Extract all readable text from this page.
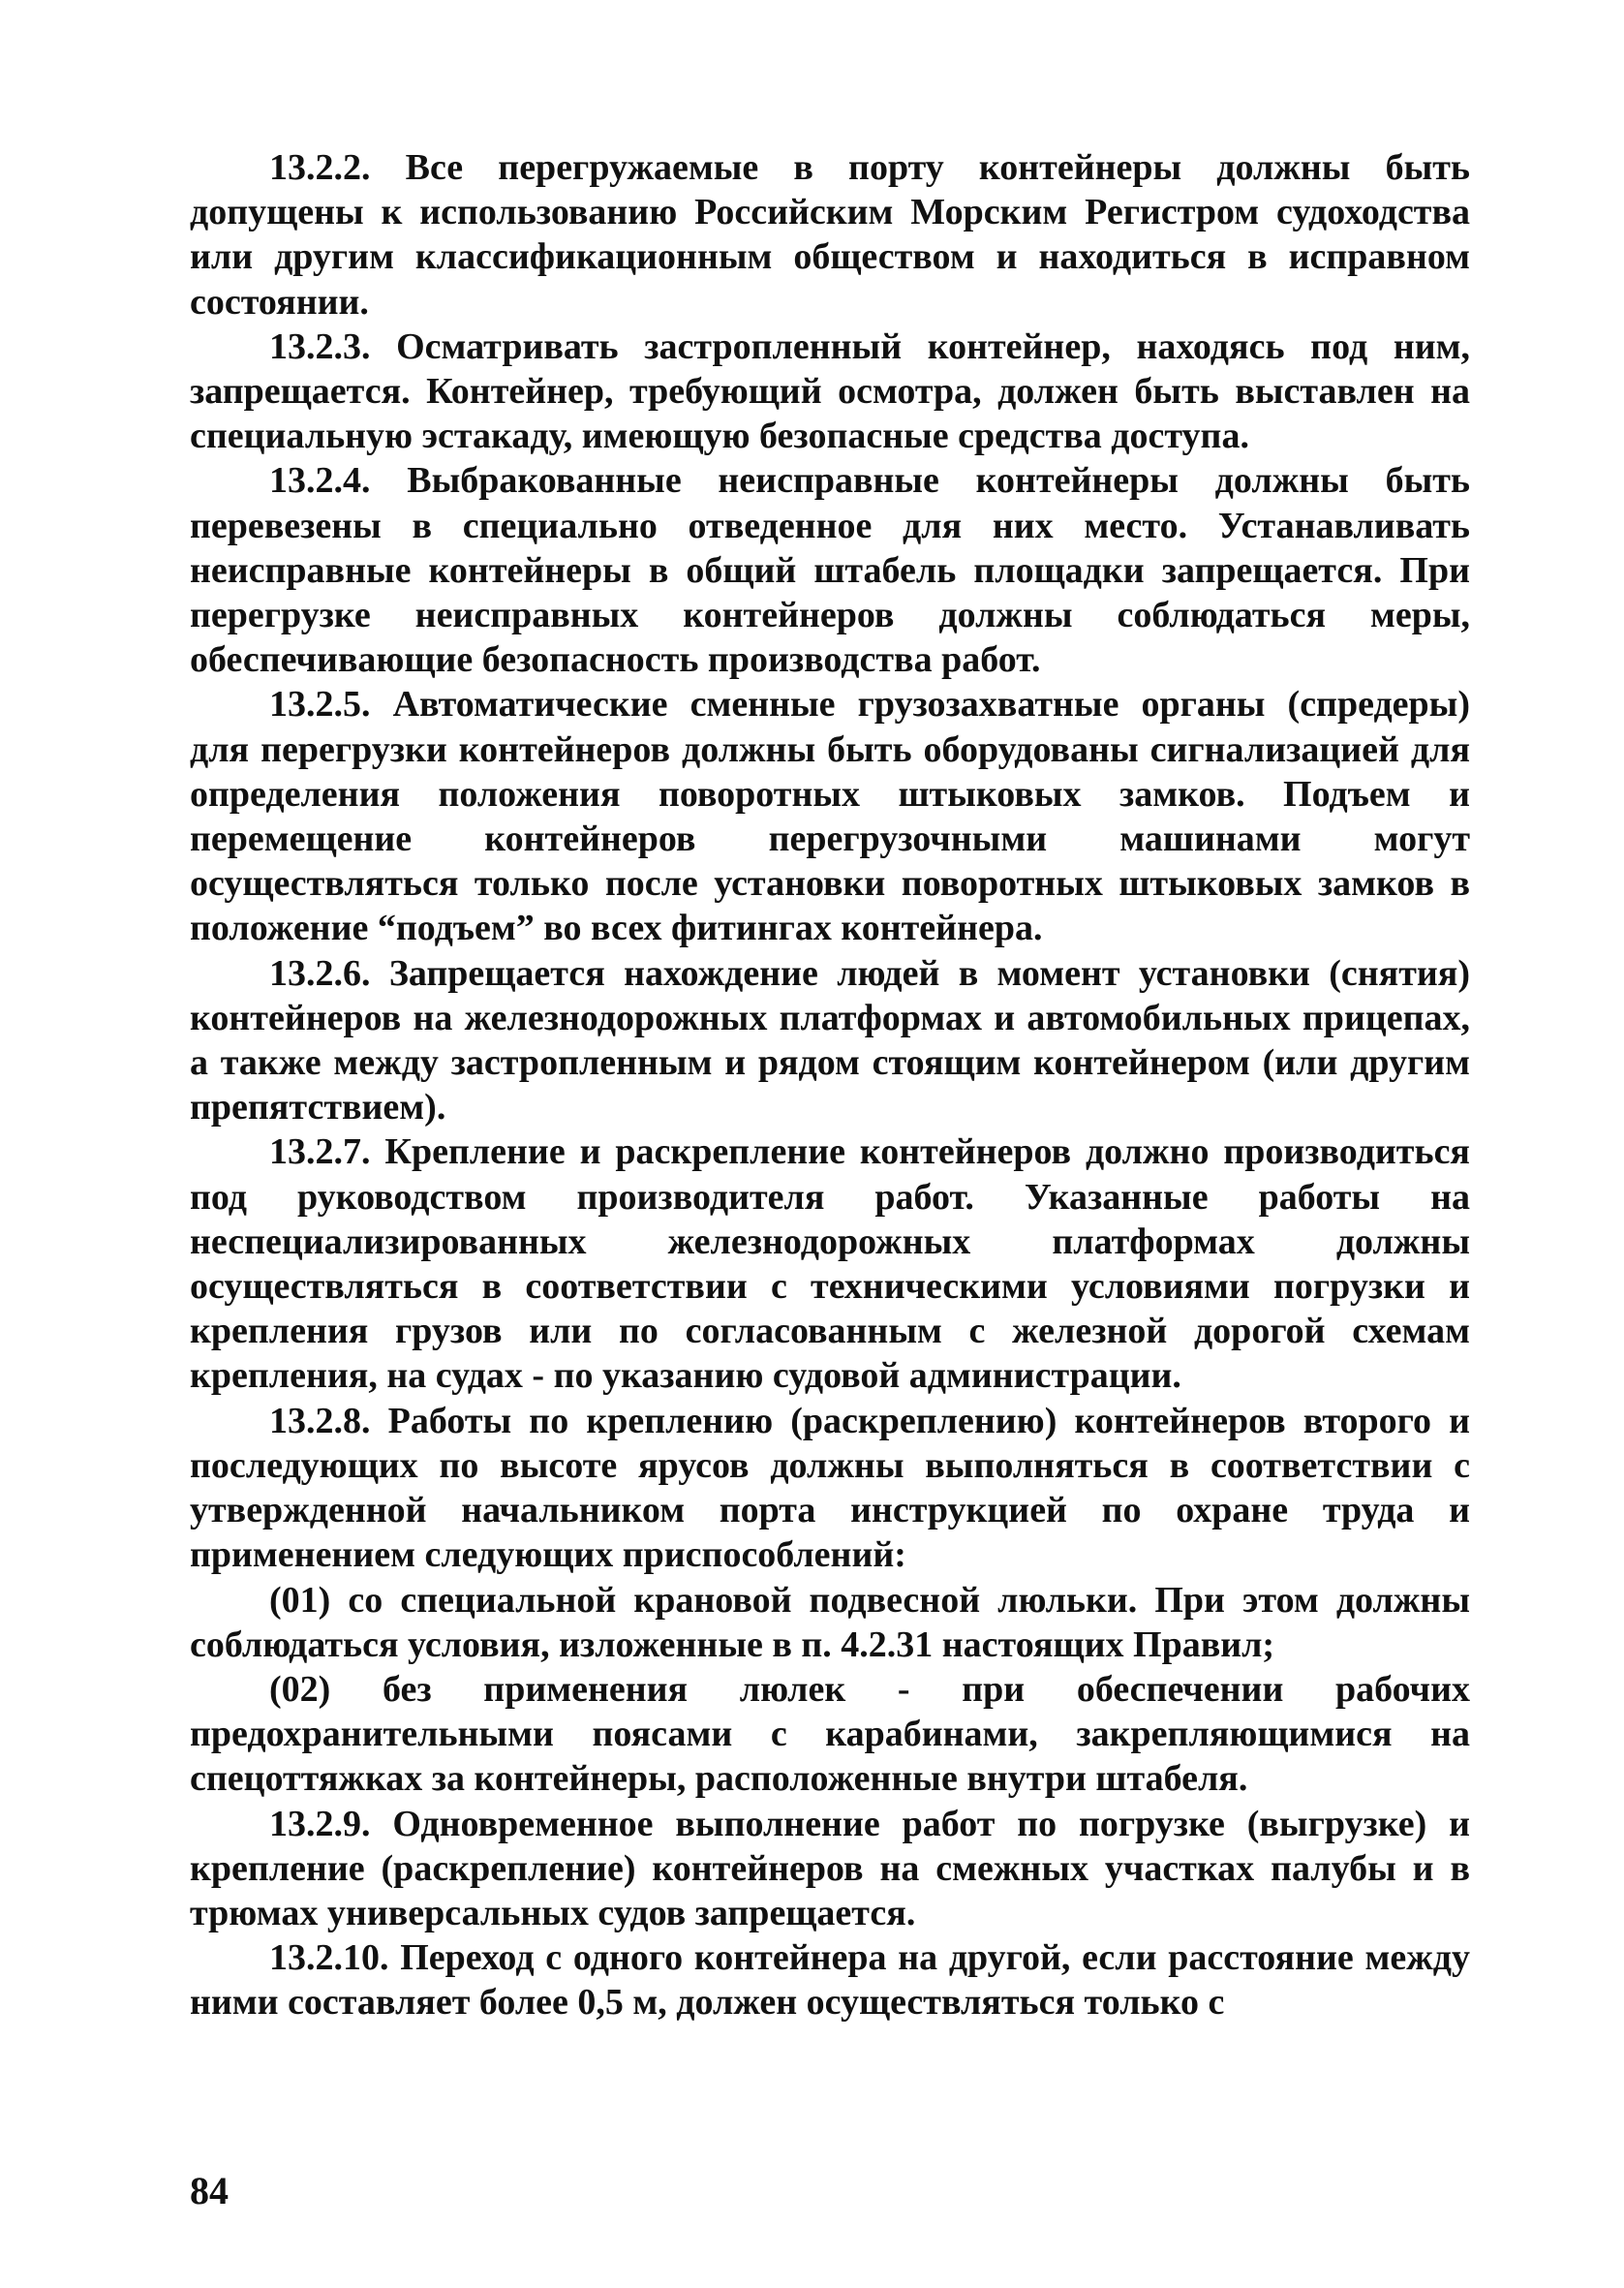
13.2.2. Все перегружаемые в порту контейнеры должны быть допущены к использованию Российским Морским Регистром судоходства или другим классификационным обществом и находиться в исправном состоянии.

13.2.3. Осматривать застропленный контейнер, находясь под ним, запрещается. Контейнер, требующий осмотра, должен быть выставлен на специальную эстакаду, имеющую безопасные средства доступа.

13.2.4. Выбракованные неисправные контейнеры должны быть перевезены в специально отведенное для них место. Устанавливать неисправные контейнеры в общий штабель площадки запрещается. При перегрузке неисправных контейнеров должны соблюдаться меры, обеспечивающие безопасность производства работ.

13.2.5. Автоматические сменные грузозахватные органы (спредеры) для перегрузки контейнеров должны быть оборудованы сигнализацией для определения положения поворотных штыковых замков. Подъем и перемещение контейнеров перегрузочными машинами могут осуществляться только после установки поворотных штыковых замков в положение “подъем” во всех фитингах контейнера.

13.2.6. Запрещается нахождение людей в момент установки (снятия) контейнеров на железнодорожных платформах и автомобильных прицепах, а также между застропленным и рядом стоящим контейнером (или другим препятствием).

13.2.7. Крепление и раскрепление контейнеров должно производиться под руководством производителя работ. Указанные работы на неспециализированных железнодорожных платформах должны осуществляться в соответствии с техническими условиями погрузки и крепления грузов или по согласованным с железной дорогой схемам крепления, на судах - по указанию судовой администрации.

13.2.8. Работы по креплению (раскреплению) контейнеров второго и последующих по высоте ярусов должны выполняться в соответствии с утвержденной начальником порта инструкцией по охране труда и применением следующих приспособлений:

(01) со специальной крановой подвесной люльки. При этом должны соблюдаться условия, изложенные в п. 4.2.31 настоящих Правил;

(02) без применения люлек - при обеспечении рабочих предохранительными поясами с карабинами, закрепляющимися на спецоттяжках за контейнеры, расположенные внутри штабеля.

13.2.9. Одновременное выполнение работ по погрузке (выгрузке) и крепление (раскрепление) контейнеров на смежных участках палубы и в трюмах универсальных судов запрещается.

13.2.10. Переход с одного контейнера на другой, если расстояние между ними составляет более 0,5 м, должен осуществляться только с

84
